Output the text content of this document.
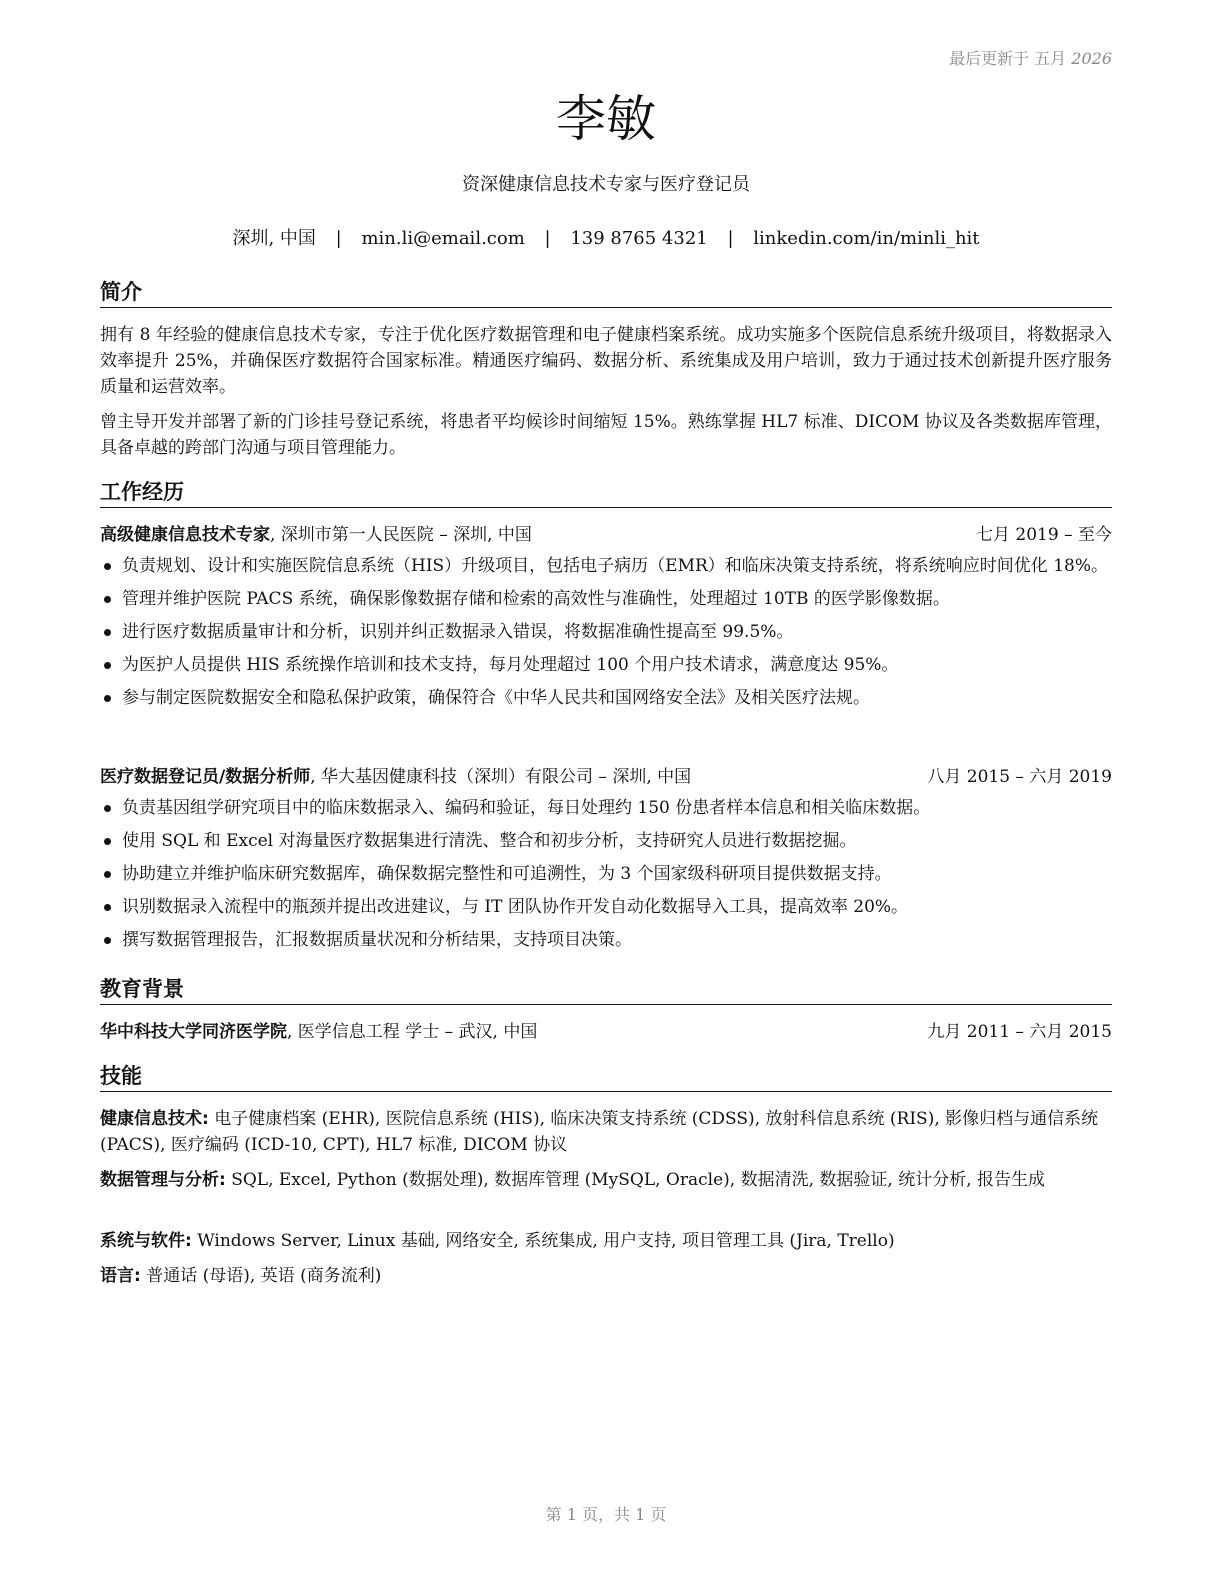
最后更新于 五月 2026
李敏
资深健康信息技术专家与医疗登记员
深圳, 中国 | min.li@email.com | 139 8765 4321 | linkedin.com/in/minli_hit
简介
拥有 8 年经验的健康信息技术专家，专注于优化医疗数据管理和电子健康档案系统。成功实施多个医院信息系统升级项目，将数据录入效率提升 25%，并确保医疗数据符合国家标准。精通医疗编码、数据分析、系统集成及用户培训，致力于通过技术创新提升医疗服务质量和运营效率。
曾主导开发并部署了新的门诊挂号登记系统，将患者平均候诊时间缩短 15%。熟练掌握 HL7 标准、DICOM 协议及各类数据库管理，具备卓越的跨部门沟通与项目管理能力。
工作经历
高级健康信息技术专家, 深圳市第一人民医院 – 深圳, 中国	七月 2019 – 至今
负责规划、设计和实施医院信息系统（HIS）升级项目，包括电子病历（EMR）和临床决策支持系统，将系统响应时间优化 18%。
管理并维护医院 PACS 系统，确保影像数据存储和检索的高效性与准确性，处理超过 10TB 的医学影像数据。
进行医疗数据质量审计和分析，识别并纠正数据录入错误，将数据准确性提高至 99.5%。
为医护人员提供 HIS 系统操作培训和技术支持，每月处理超过 100 个用户技术请求，满意度达 95%。
参与制定医院数据安全和隐私保护政策，确保符合《中华人民共和国网络安全法》及相关医疗法规。
医疗数据登记员/数据分析师, 华大基因健康科技（深圳）有限公司 – 深圳, 中国	八月 2015 – 六月 2019
负责基因组学研究项目中的临床数据录入、编码和验证，每日处理约 150 份患者样本信息和相关临床数据。
使用 SQL 和 Excel 对海量医疗数据集进行清洗、整合和初步分析，支持研究人员进行数据挖掘。
协助建立并维护临床研究数据库，确保数据完整性和可追溯性，为 3 个国家级科研项目提供数据支持。
识别数据录入流程中的瓶颈并提出改进建议，与 IT 团队协作开发自动化数据导入工具，提高效率 20%。
撰写数据管理报告，汇报数据质量状况和分析结果，支持项目决策。
教育背景
华中科技大学同济医学院, 医学信息工程 学士 – 武汉, 中国	九月 2011 – 六月 2015
技能
健康信息技术: 电子健康档案 (EHR), 医院信息系统 (HIS), 临床决策支持系统 (CDSS), 放射科信息系统 (RIS), 影像归档与通信系统 (PACS), 医疗编码 (ICD-10, CPT), HL7 标准, DICOM 协议
数据管理与分析: SQL, Excel, Python (数据处理), 数据库管理 (MySQL, Oracle), 数据清洗, 数据验证, 统计分析, 报告生成
系统与软件: Windows Server, Linux 基础, 网络安全, 系统集成, 用户支持, 项目管理工具 (Jira, Trello)
语言: 普通话 (母语), 英语 (商务流利)
第 1 页，共 1 页
